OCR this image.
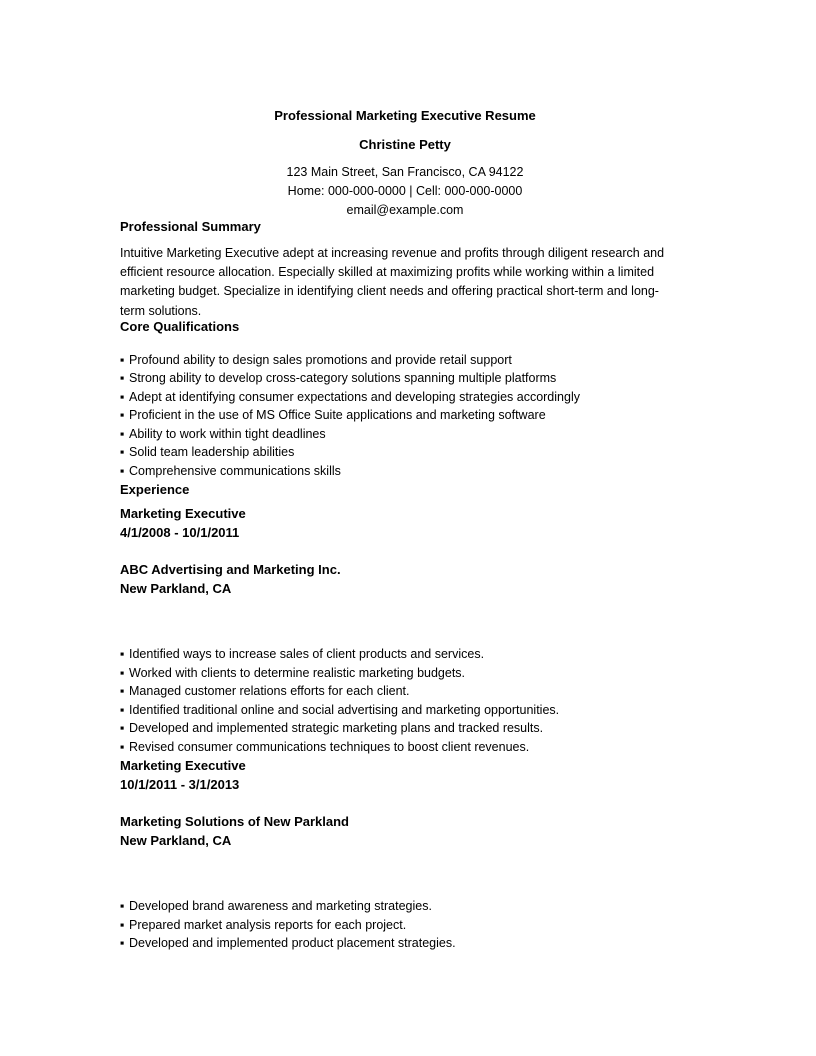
Professional Marketing Executive Resume
Christine Petty
123 Main Street, San Francisco, CA 94122
Home: 000-000-0000 | Cell: 000-000-0000
email@example.com
Professional Summary
Intuitive Marketing Executive adept at increasing revenue and profits through diligent research and efficient resource allocation. Especially skilled at maximizing profits while working within a limited marketing budget. Specialize in identifying client needs and offering practical short-term and long-term solutions.
Core Qualifications
▪ Profound ability to design sales promotions and provide retail support
▪ Strong ability to develop cross-category solutions spanning multiple platforms
▪ Adept at identifying consumer expectations and developing strategies accordingly
▪ Proficient in the use of MS Office Suite applications and marketing software
▪ Ability to work within tight deadlines
▪ Solid team leadership abilities
▪ Comprehensive communications skills
Experience
Marketing Executive
4/1/2008 - 10/1/2011
ABC Advertising and Marketing Inc.
New Parkland, CA
▪ Identified ways to increase sales of client products and services.
▪ Worked with clients to determine realistic marketing budgets.
▪ Managed customer relations efforts for each client.
▪ Identified traditional online and social advertising and marketing opportunities.
▪ Developed and implemented strategic marketing plans and tracked results.
▪ Revised consumer communications techniques to boost client revenues.
Marketing Executive
10/1/2011 - 3/1/2013
Marketing Solutions of New Parkland
New Parkland, CA
▪ Developed brand awareness and marketing strategies.
▪ Prepared market analysis reports for each project.
▪ Developed and implemented product placement strategies.
